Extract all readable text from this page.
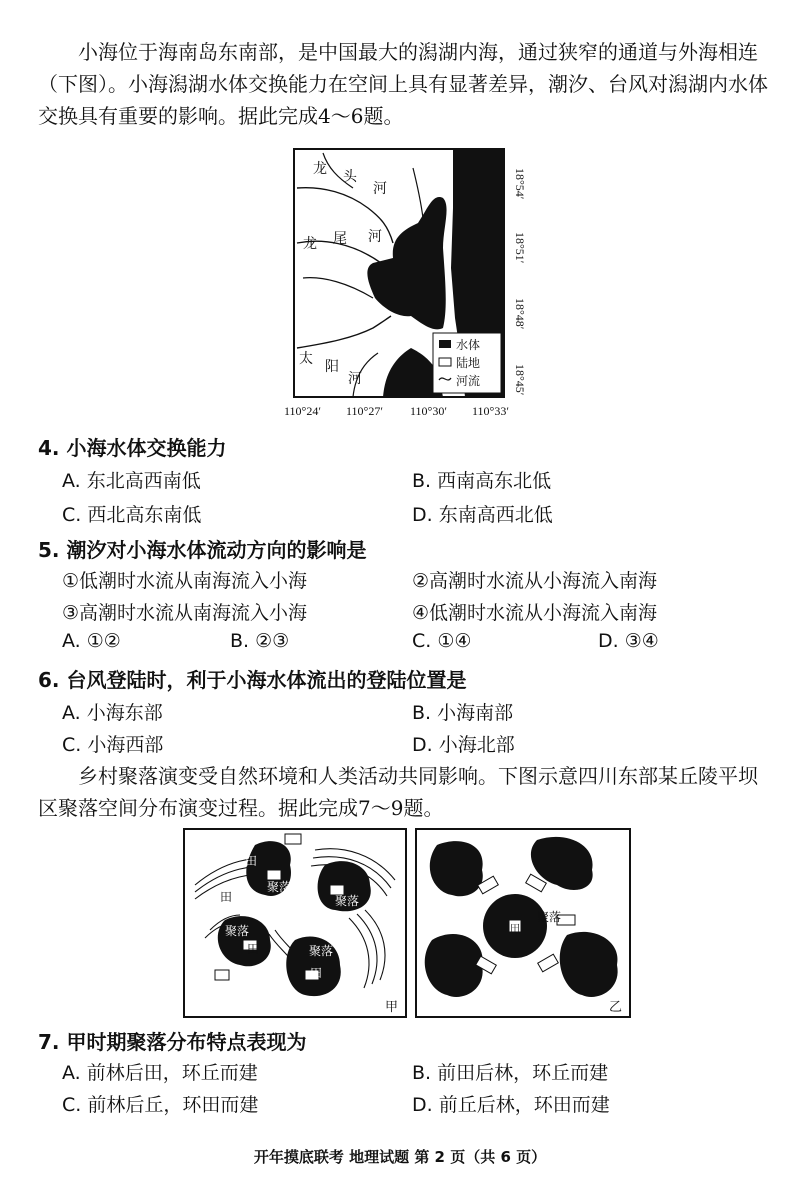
小海位于海南岛东南部，是中国最大的潟湖内海，通过狭窄的通道与外海相连（下图）。小海潟湖水体交换能力在空间上具有显著差异，潮汐、台风对潟湖内水体交换具有重要的影响。据此完成4～6题。
龙 头
河
龙 尾 河
太 阳
河
水体
陆地
河流
18°54′
18°51′
18°48′
18°45′
110°24′ 110°27′ 110°30′ 110°33′
4. 小海水体交换能力
A. 东北高西南低	B. 西南高东北低
C. 西北高东南低	D. 东南高西北低
5. 潮汐对小海水体流动方向的影响是
①低潮时水流从南海流入小海	②高潮时水流从小海流入南海
③高潮时水流从南海流入小海	④低潮时水流从小海流入南海
A. ①②	B. ②③	C. ①④	D. ③④
6. 台风登陆时，利于小海水体流出的登陆位置是
A. 小海东部	B. 小海南部
C. 小海西部	D. 小海北部
乡村聚落演变受自然环境和人类活动共同影响。下图示意四川东部某丘陵平坝区聚落空间分布演变过程。据此完成7～9题。
田
聚落
田	聚落
聚落
田
田
聚落
甲
聚落
田
乙
7. 甲时期聚落分布特点表现为
A. 前林后田，环丘而建	B. 前田后林，环丘而建
C. 前林后丘，环田而建	D. 前丘后林，环田而建
开年摸底联考 地理试题 第 2 页（共 6 页）
